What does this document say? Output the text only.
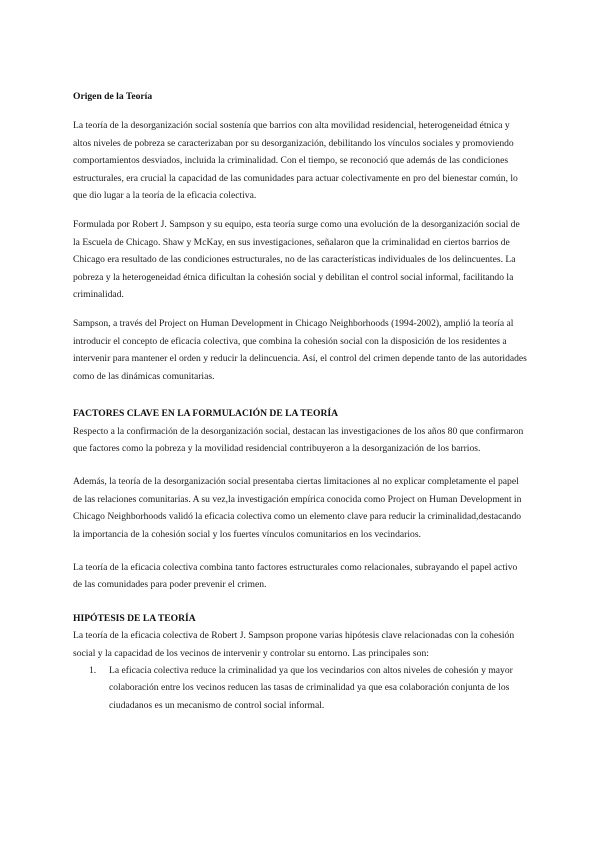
Origen de la Teoría

La teoría de la desorganización social sostenía que barrios con alta movilidad residencial, heterogeneidad étnica y altos niveles de pobreza se caracterizaban por su desorganización, debilitando los vínculos sociales y promoviendo comportamientos desviados, incluida la criminalidad. Con el tiempo, se reconoció que además de las condiciones estructurales, era crucial la capacidad de las comunidades para actuar colectivamente en pro del bienestar común, lo que dio lugar a la teoría de la eficacia colectiva.

Formulada por Robert J. Sampson y su equipo, esta teoría surge como una evolución de la desorganización social de la Escuela de Chicago. Shaw y McKay, en sus investigaciones, señalaron que la criminalidad en ciertos barrios de Chicago era resultado de las condiciones estructurales, no de las características individuales de los delincuentes. La pobreza y la heterogeneidad étnica dificultan la cohesión social y debilitan el control social informal, facilitando la criminalidad.

Sampson, a través del Project on Human Development in Chicago Neighborhoods (1994-2002), amplió la teoría al introducir el concepto de eficacia colectiva, que combina la cohesión social con la disposición de los residentes a intervenir para mantener el orden y reducir la delincuencia. Así, el control del crimen depende tanto de las autoridades como de las dinámicas comunitarias.

FACTORES CLAVE EN LA FORMULACIÓN DE LA TEORÍA

Respecto a la confirmación de la desorganización social, destacan las investigaciones de los años 80 que confirmaron que factores como la pobreza y la movilidad residencial contribuyeron a la desorganización de los barrios.

Además, la teoría de la desorganización social presentaba ciertas limitaciones al no explicar completamente el papel de las relaciones comunitarias. A su vez,la investigación empírica conocida como Project on Human Development in Chicago Neighborhoods validó la eficacia colectiva como un elemento clave para reducir la criminalidad,destacando la importancia de la cohesión social y los fuertes vínculos comunitarios en los vecindarios.

La teoría de la eficacia colectiva combina tanto factores estructurales como relacionales, subrayando el papel activo de las comunidades para poder prevenir el crimen.

HIPÓTESIS DE LA TEORÍA

La teoría de la eficacia colectiva de Robert J. Sampson propone varias hipótesis clave relacionadas con la cohesión social y la capacidad de los vecinos de intervenir y controlar su entorno. Las principales son:

1.	La eficacia colectiva reduce la criminalidad ya que los vecindarios con altos niveles de cohesión y mayor colaboración entre los vecinos reducen las tasas de criminalidad ya que esa colaboración conjunta de los ciudadanos es un mecanismo de control social informal.
